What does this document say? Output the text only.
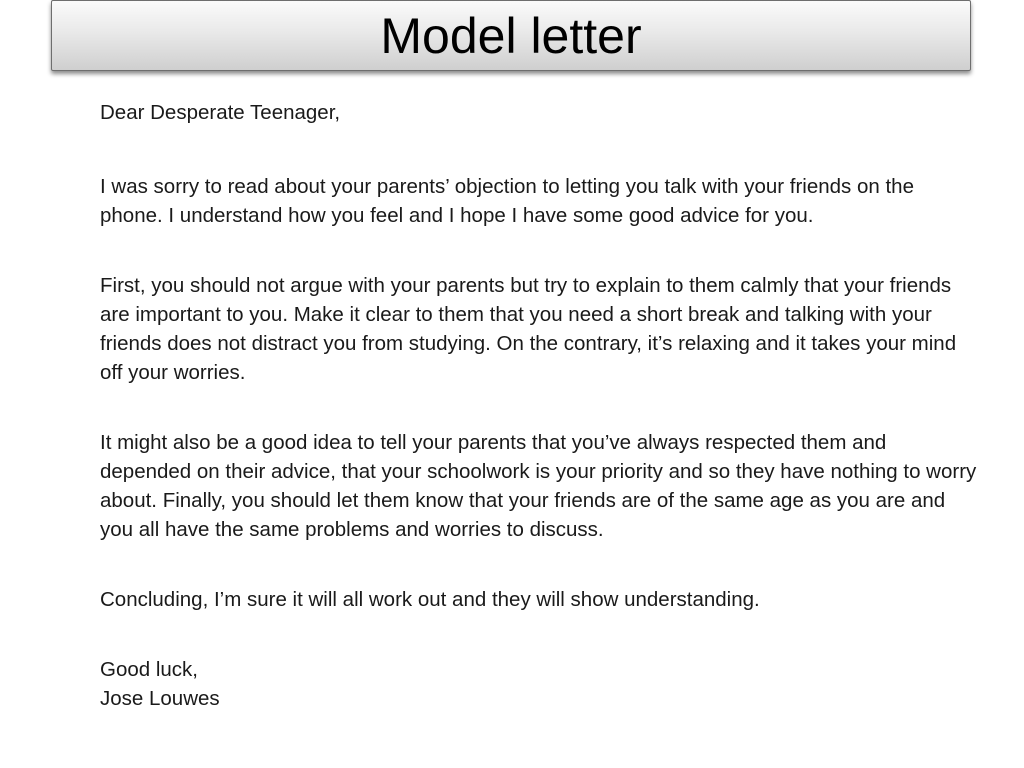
Model letter

Dear Desperate Teenager,

I was sorry to read about your parents’ objection to letting you talk with your friends on the phone. I understand how you feel and I hope I have some good advice for you.

First, you should not argue with your parents but try to explain to them calmly that your friends are important to you. Make it clear to them that you need a short break and talking with your friends does not distract you from studying. On the contrary, it’s relaxing and it takes your mind off your worries.

It might also be a good idea to tell your parents that you’ve always respected them and depended on their advice, that your schoolwork is your priority and so they have nothing to worry about. Finally, you should let them know that your friends are of the same age as you are and you all have the same problems and worries to discuss.

Concluding, I’m sure it will all work out and they will show understanding.

Good luck,

Jose Louwes
